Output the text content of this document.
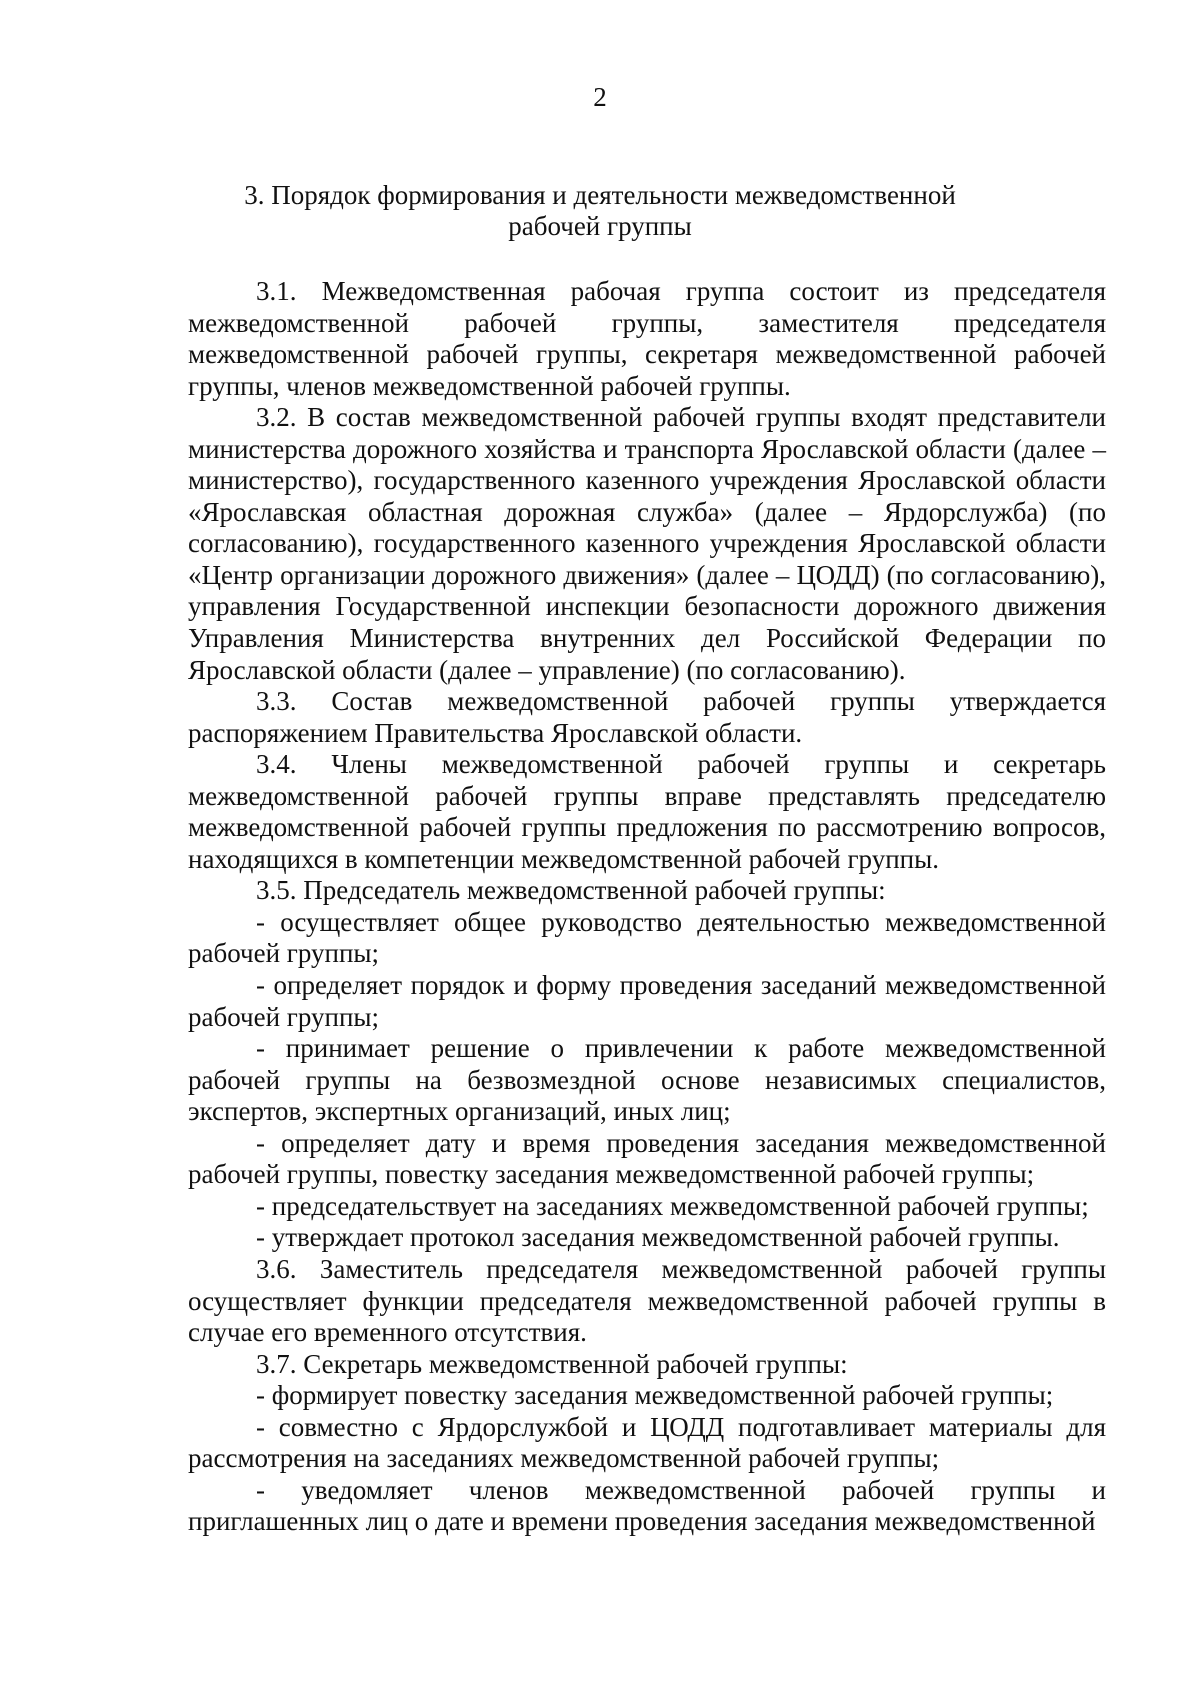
2
3. Порядок формирования и деятельности межведомственной
рабочей группы

3.1. Межведомственная рабочая группа состоит из председателя межведомственной рабочей группы, заместителя председателя межведомственной рабочей группы, секретаря межведомственной рабочей группы, членов межведомственной рабочей группы.

3.2. В состав межведомственной рабочей группы входят представители министерства дорожного хозяйства и транспорта Ярославской области (далее – министерство), государственного казенного учреждения Ярославской области «Ярославская областная дорожная служба» (далее – Ярдорслужба) (по согласованию), государственного казенного учреждения Ярославской области «Центр организации дорожного движения» (далее – ЦОДД) (по согласованию), управления Государственной инспекции безопасности дорожного движения Управления Министерства внутренних дел Российской Федерации по Ярославской области (далее – управление) (по согласованию).

3.3. Состав межведомственной рабочей группы утверждается распоряжением Правительства Ярославской области.

3.4. Члены межведомственной рабочей группы и секретарь межведомственной рабочей группы вправе представлять председателю межведомственной рабочей группы предложения по рассмотрению вопросов, находящихся в компетенции межведомственной рабочей группы.

3.5. Председатель межведомственной рабочей группы:

- осуществляет общее руководство деятельностью межведомственной рабочей группы;

- определяет порядок и форму проведения заседаний межведомственной рабочей группы;

- принимает решение о привлечении к работе межведомственной рабочей группы на безвозмездной основе независимых специалистов, экспертов, экспертных организаций, иных лиц;

- определяет дату и время проведения заседания межведомственной рабочей группы, повестку заседания межведомственной рабочей группы;

- председательствует на заседаниях межведомственной рабочей группы;

- утверждает протокол заседания межведомственной рабочей группы.

3.6. Заместитель председателя межведомственной рабочей группы осуществляет функции председателя межведомственной рабочей группы в случае его временного отсутствия.

3.7. Секретарь межведомственной рабочей группы:

- формирует повестку заседания межведомственной рабочей группы;

- совместно с Ярдорслужбой и ЦОДД подготавливает материалы для рассмотрения на заседаниях межведомственной рабочей группы;

- уведомляет членов межведомственной рабочей группы и приглашенных лиц о дате и времени проведения заседания межведомственной
